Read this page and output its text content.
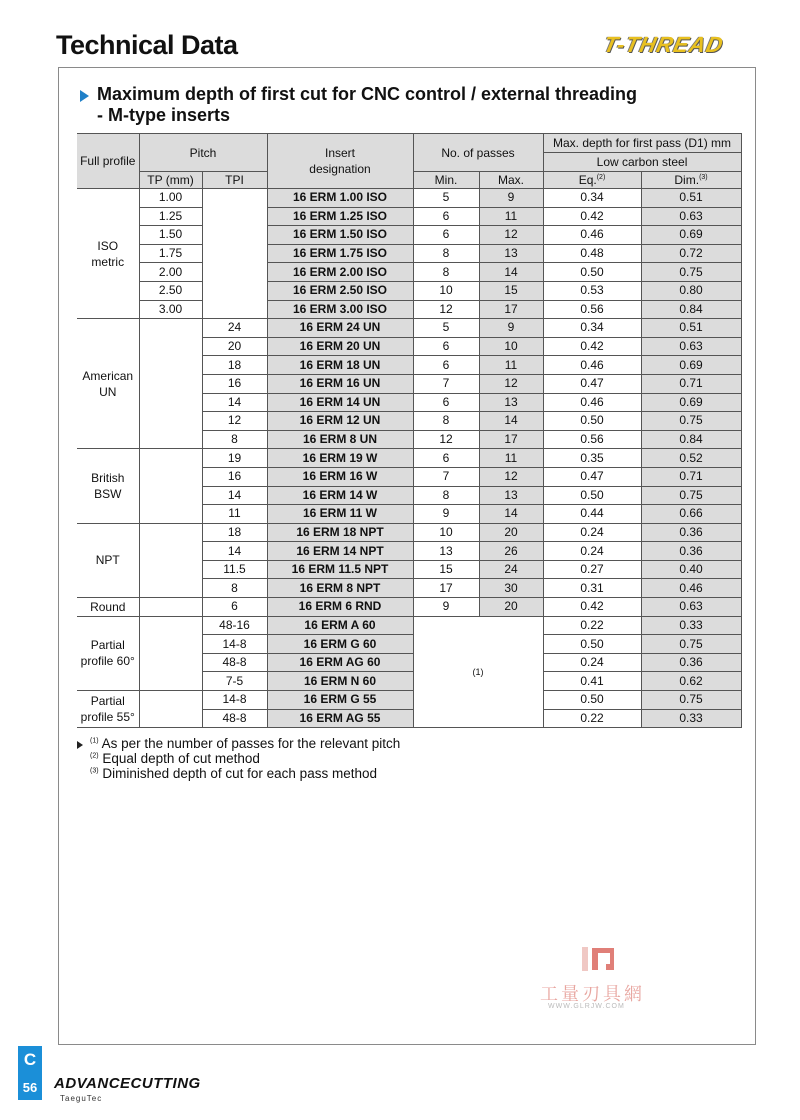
Technical Data	T-THREAD
Maximum depth of first cut for CNC control / external threading
- M-type inserts
Full profile	Pitch		Insert
designation	No. of passes		Max. depth for first pass (D1) mm	
						Low carbon steel	
	TP (mm)	TPI		Min.	Max.	Eq.$^{(2)}$	Dim.$^{(3)}$
ISO
metric	1.00		16 ERM 1.00 ISO	5	9	0.34	0.51
	1.25		16 ERM 1.25 ISO	6	11	0.42	0.63
	1.50		16 ERM 1.50 ISO	6	12	0.46	0.69
	1.75		16 ERM 1.75 ISO	8	13	0.48	0.72
	2.00		16 ERM 2.00 ISO	8	14	0.50	0.75
	2.50		16 ERM 2.50 ISO	10	15	0.53	0.80
	3.00		16 ERM 3.00 ISO	12	17	0.56	0.84
American
UN		24	16 ERM 24 UN	5	9	0.34	0.51
		20	16 ERM 20 UN	6	10	0.42	0.63
		18	16 ERM 18 UN	6	11	0.46	0.69
		16	16 ERM 16 UN	7	12	0.47	0.71
		14	16 ERM 14 UN	6	13	0.46	0.69
		12	16 ERM 12 UN	8	14	0.50	0.75
		8	16 ERM 8 UN	12	17	0.56	0.84
British
BSW		19	16 ERM 19 W	6	11	0.35	0.52
		16	16 ERM 16 W	7	12	0.47	0.71
		14	16 ERM 14 W	8	13	0.50	0.75
		11	16 ERM 11 W	9	14	0.44	0.66
NPT		18	16 ERM 18 NPT	10	20	0.24	0.36
		14	16 ERM 14 NPT	13	26	0.24	0.36
		11.5	16 ERM 11.5 NPT	15	24	0.27	0.40
		8	16 ERM 8 NPT	17	30	0.31	0.46
Round		6	16 ERM 6 RND	9	20	0.42	0.63
Partial
profile 60°		48-16	16 ERM A 60	(1)		0.22	0.33
		14-8	16 ERM G 60			0.50	0.75
		48-8	16 ERM AG 60			0.24	0.36
		7-5	16 ERM N 60			0.41	0.62
Partial
profile 55°		14-8	16 ERM G 55			0.50	0.75
		48-8	16 ERM AG 55			0.22	0.33
$^{(1)}$ As per the number of passes for the relevant pitch
$^{(2)}$ Equal depth of cut method
$^{(3)}$ Diminished depth of cut for each pass method
工量刃具網
WWW.GLRJW.COM
C
56	ADVANCECUTTING
TaeguTec
